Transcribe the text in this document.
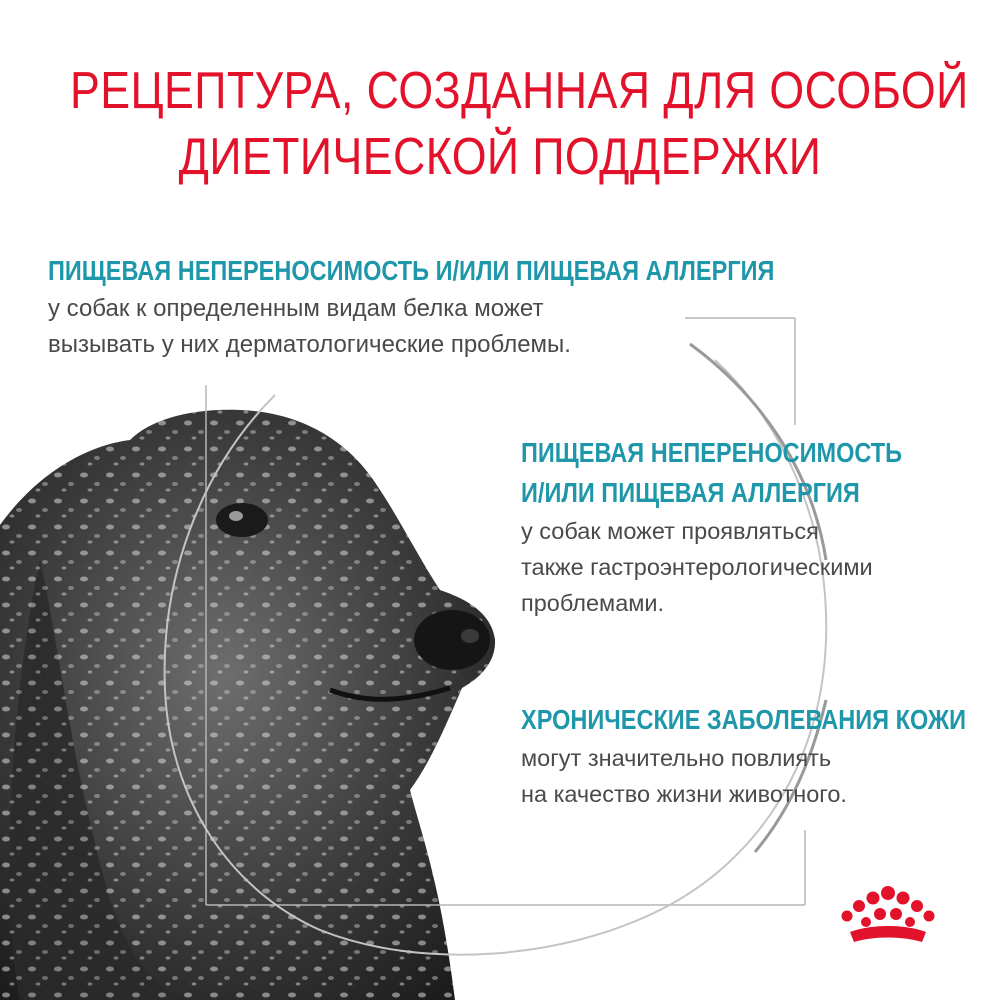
РЕЦЕПТУРА, СОЗДАННАЯ ДЛЯ ОСОБОЙ
ДИЕТИЧЕСКОЙ ПОДДЕРЖКИ
ПИЩЕВАЯ НЕПЕРЕНОСИМОСТЬ И/ИЛИ ПИЩЕВАЯ АЛЛЕРГИЯ
у собак к определенным видам белка может
вызывать у них дерматологические проблемы.
ПИЩЕВАЯ НЕПЕРЕНОСИМОСТЬ
И/ИЛИ ПИЩЕВАЯ АЛЛЕРГИЯ
у собак может проявляться
также гастроэнтерологическими
проблемами.
ХРОНИЧЕСКИЕ ЗАБОЛЕВАНИЯ КОЖИ
могут значительно повлиять
на качество жизни животного.
